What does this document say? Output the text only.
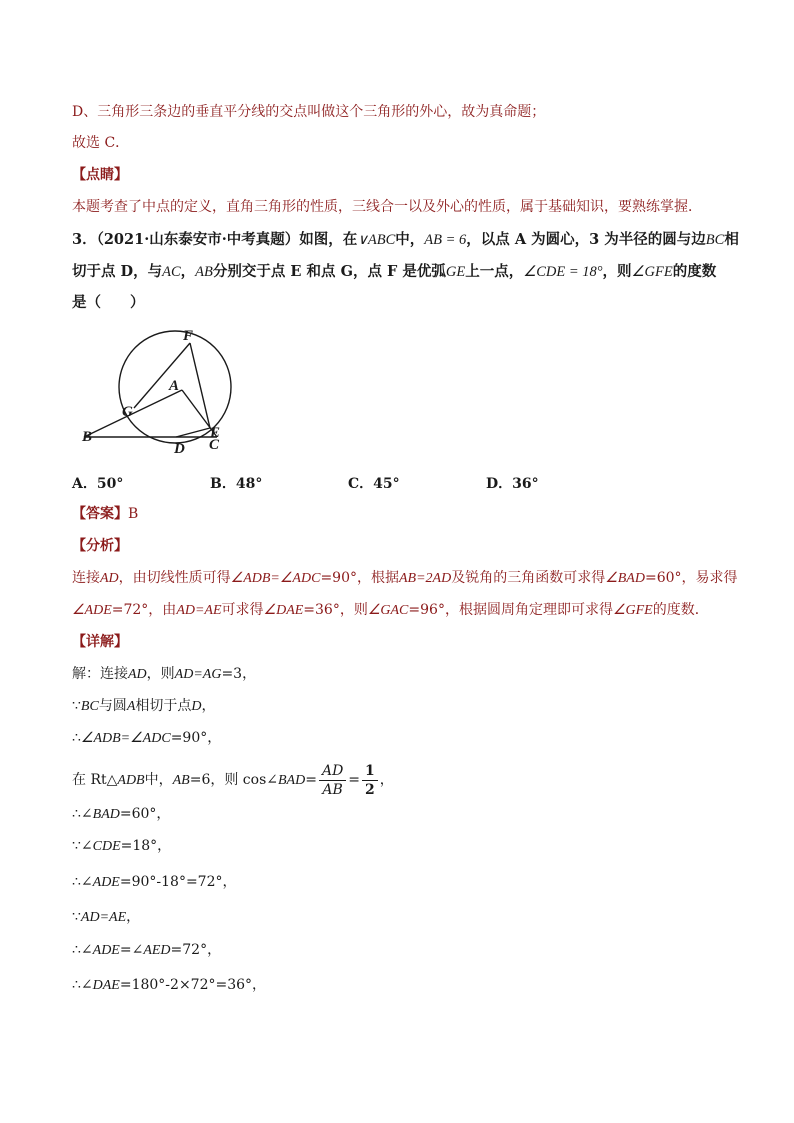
D、三角形三条边的垂直平分线的交点叫做这个三角形的外心，故为真命题；
故选 C．
【点睛】
本题考查了中点的定义，直角三角形的性质，三线合一以及外心的性质，属于基础知识，要熟练掌握．
3．（2021·山东泰安市·中考真题）如图，在∨ABC中，AB = 6，以点 A 为圆心，3 为半径的圆与边BC相
切于点 D，与AC，AB分别交于点 E 和点 G，点 F 是优弧GE上一点，∠CDE = 18°，则∠GFE的度数
是（　　）
F
A
G
B
D
E
C
A．50°	B．48°	C．45°	D．36°
【答案】B
【分析】
连接AD，由切线性质可得∠ADB=∠ADC=90°，根据AB=2AD及锐角的三角函数可求得∠BAD=60°，易求得
∠ADE=72°，由AD=AE可求得∠DAE=36°，则∠GAC=96°，根据圆周角定理即可求得∠GFE的度数．
【详解】
解：连接AD，则AD=AG=3，
∵BC与圆A相切于点D，
∴∠ADB=∠ADC=90°，
在 Rt△ADB中，AB=6，则 cos∠BAD= $\frac{AD}{AB} = \frac{1}{2}$ ，
∴∠BAD=60°，
∵∠CDE=18°，
∴∠ADE=90°-18°=72°，
∵AD=AE，
∴∠ADE=∠AED=72°，
∴∠DAE=180°-2×72°=36°，
